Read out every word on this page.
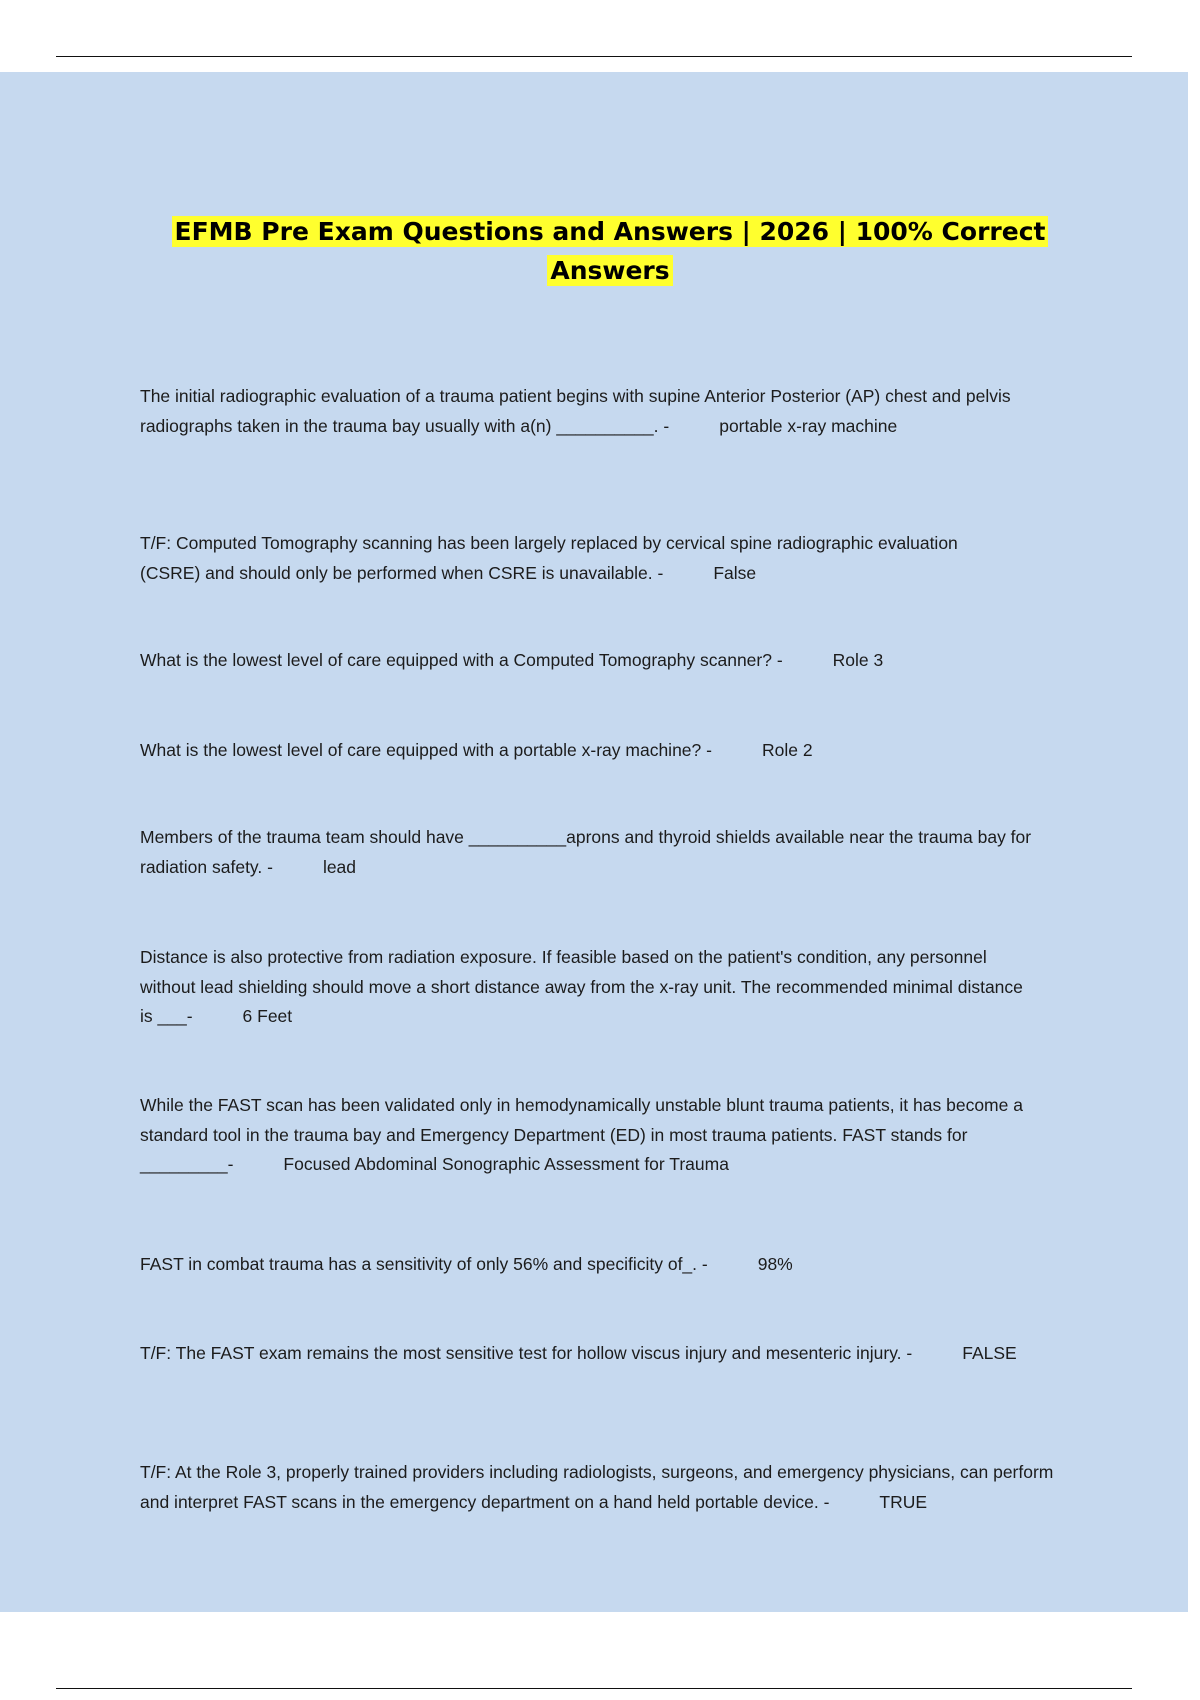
EFMB Pre Exam Questions and Answers | 2026 | 100% Correct Answers
The initial radiographic evaluation of a trauma patient begins with supine Anterior Posterior (AP) chest and pelvis radiographs taken in the trauma bay usually with a(n) __________. -	portable x-ray machine
T/F: Computed Tomography scanning has been largely replaced by cervical spine radiographic evaluation (CSRE) and should only be performed when CSRE is unavailable. -	False
What is the lowest level of care equipped with a Computed Tomography scanner? -	Role 3
What is the lowest level of care equipped with a portable x-ray machine? -	Role 2
Members of the trauma team should have __________aprons and thyroid shields available near the trauma bay for radiation safety. -	lead
Distance is also protective from radiation exposure. If feasible based on the patient's condition, any personnel without lead shielding should move a short distance away from the x-ray unit. The recommended minimal distance is ___-	6 Feet
While the FAST scan has been validated only in hemodynamically unstable blunt trauma patients, it has become a standard tool in the trauma bay and Emergency Department (ED) in most trauma patients. FAST stands for _________-	Focused Abdominal Sonographic Assessment for Trauma
FAST in combat trauma has a sensitivity of only 56% and specificity of_. -	98%
T/F: The FAST exam remains the most sensitive test for hollow viscus injury and mesenteric injury. -	FALSE
T/F: At the Role 3, properly trained providers including radiologists, surgeons, and emergency physicians, can perform and interpret FAST scans in the emergency department on a hand held portable device. -	TRUE
